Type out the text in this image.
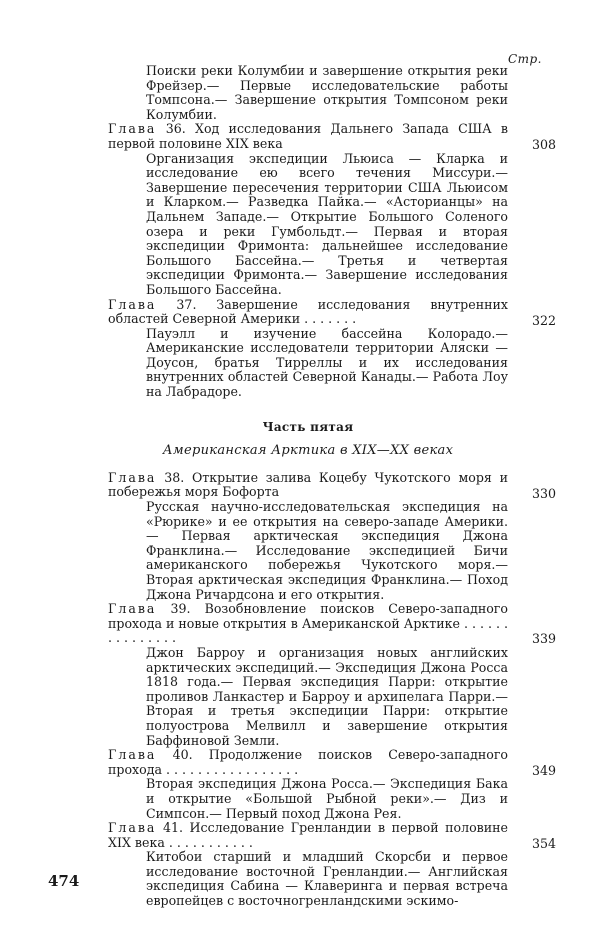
Стр.
Поиски реки Колумбии и завершение открытия реки Фрейзер.— Первые исследовательские работы Томпсона.— Завершение открытия Томпсоном реки Колумбии.
Глава 36. Ход исследования Дальнего Запада США в первой половине XIX века	308
Организация экспедиции Льюиса — Кларка и исследование ею всего течения Миссури.— Завершение пересечения территории США Льюисом и Кларком.— Разведка Пайка.— «Асторианцы» на Дальнем Западе.— Открытие Большого Соленого озера и реки Гумбольдт.— Первая и вторая экспедиции Фримонта: дальнейшее исследование Большого Бассейна.— Третья и четвертая экспедиции Фримонта.— Завершение исследования Большого Бассейна.
Глава 37. Завершение исследования внутренних областей Северной Америки . . . . . . .	322
Пауэлл и изучение бассейна Колорадо.— Американские исследователи территории Аляски — Доусон, братья Тирреллы и их исследования внутренних областей Северной Канады.— Работа Лоу на Лабрадоре.
Часть пятая
Американская Арктика в XIX—XX веках
Глава 38. Открытие залива Коцебу Чукотского моря и побережья моря Бофорта	330
Русская научно-исследовательская экспедиция на «Рюрике» и ее открытия на северо-западе Америки.— Первая арктическая экспедиция Джона Франклина.— Исследование экспедицией Бичи американского побережья Чукотского моря.— Вторая арктическая экспедиция Франклина.— Поход Джона Ричардсона и его открытия.
Глава 39. Возобновление поисков Северо-западного прохода и новые открытия в Американской Арктике . . . . . . . . . . . . . . .	339
Джон Барроу и организация новых английских арктических экспедиций.— Экспедиция Джона Росса 1818 года.— Первая экспедиция Парри: открытие проливов Ланкастер и Барроу и архипелага Парри.— Вторая и третья экспедиции Парри: открытие полуострова Мелвилл и завершение открытия Баффиновой Земли.
Глава 40. Продолжение поисков Северо-западного прохода . . . . . . . . . . . . . . . . .	349
Вторая экспедиция Джона Росса.— Экспедиция Бака и открытие «Большой Рыбной реки».— Диз и Симпсон.— Первый поход Джона Рея.
Глава 41. Исследование Гренландии в первой половине XIX века . . . . . . . . . . .	354
Китобои старший и младший Скорсби и первое исследование восточной Гренландии.— Английская экспедиция Сабина — Клаверинга и первая встреча европейцев с восточногренландскими эскимо-
474
